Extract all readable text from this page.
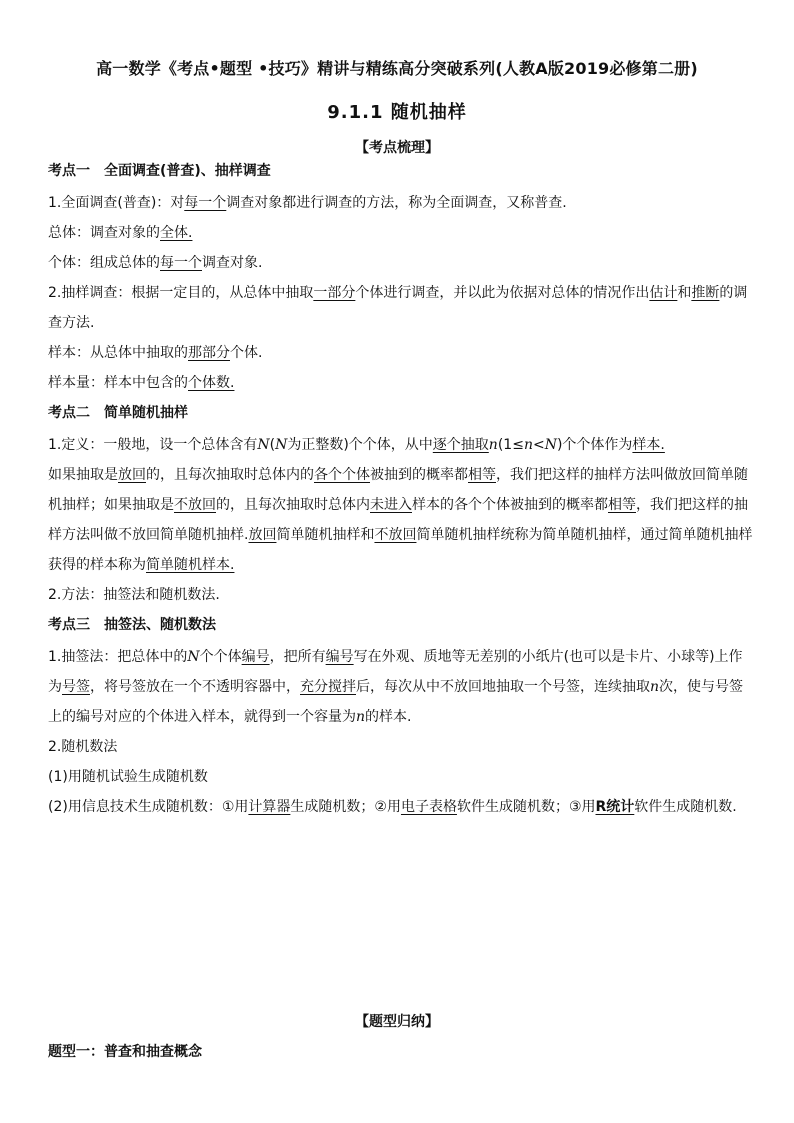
高一数学《考点•题型 •技巧》精讲与精练高分突破系列(人教A版2019必修第二册)
9.1.1 随机抽样
【考点梳理】
考点一 全面调查(普查)、抽样调查

1.全面调查(普查)：对每一个调查对象都进行调查的方法，称为全面调查，又称普查.

总体：调查对象的全体.

个体：组成总体的每一个调查对象.

2.抽样调查：根据一定目的，从总体中抽取一部分个体进行调查，并以此为依据对总体的情况作出估计和推断的调查方法.

样本：从总体中抽取的那部分个体.

样本量：样本中包含的个体数.

考点二 简单随机抽样

1.定义：一般地，设一个总体含有N(N为正整数)个个体，从中逐个抽取n(1≤n<N)个个体作为样本.

如果抽取是放回的，且每次抽取时总体内的各个个体被抽到的概率都相等，我们把这样的抽样方法叫做放回简单随机抽样；如果抽取是不放回的，且每次抽取时总体内未进入样本的各个个体被抽到的概率都相等，我们把这样的抽样方法叫做不放回简单随机抽样.放回简单随机抽样和不放回简单随机抽样统称为简单随机抽样，通过简单随机抽样获得的样本称为简单随机样本.

2.方法：抽签法和随机数法.

考点三 抽签法、随机数法

1.抽签法：把总体中的N个个体编号，把所有编号写在外观、质地等无差别的小纸片(也可以是卡片、小球等)上作为号签，将号签放在一个不透明容器中，充分搅拌后，每次从中不放回地抽取一个号签，连续抽取n次，使与号签上的编号对应的个体进入样本，就得到一个容量为n的样本.

2.随机数法

(1)用随机试验生成随机数

(2)用信息技术生成随机数：①用计算器生成随机数；②用电子表格软件生成随机数；③用R统计软件生成随机数.

【题型归纳】
题型一：普查和抽查概念
